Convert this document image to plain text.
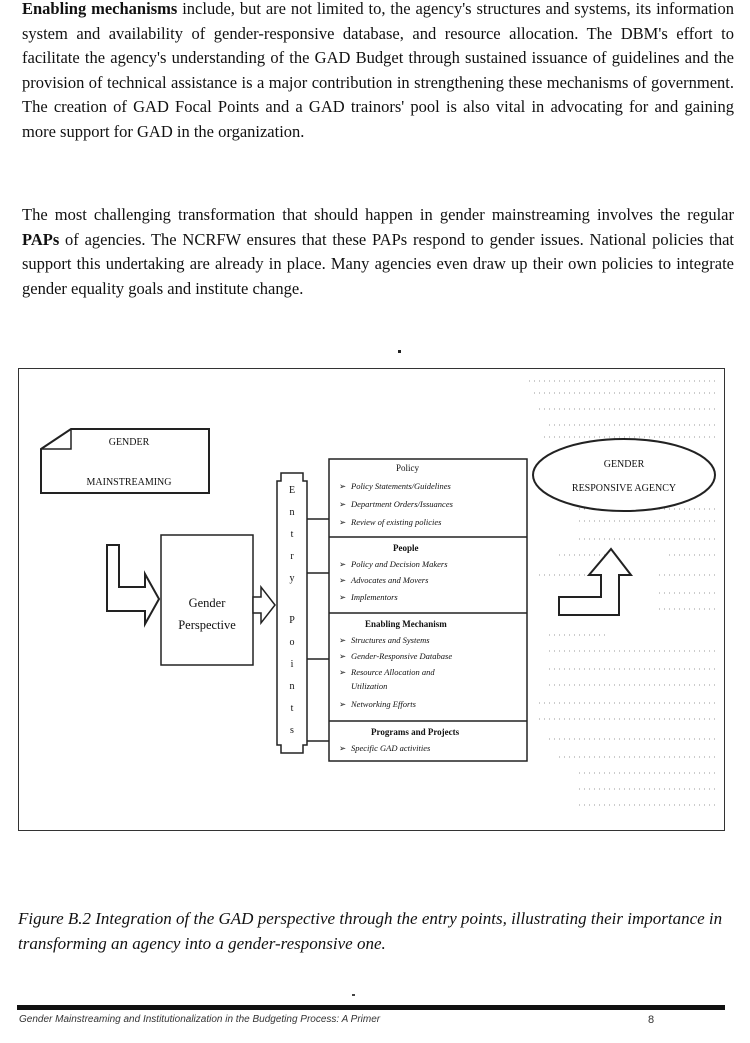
Enabling mechanisms include, but are not limited to, the agency's structures and systems, its information system and availability of gender-responsive database, and resource allocation. The DBM's effort to facilitate the agency's understanding of the GAD Budget through sustained issuance of guidelines and the provision of technical assistance is a major contribution in strengthening these mechanisms of government. The creation of GAD Focal Points and a GAD trainors' pool is also vital in advocating for and gaining more support for GAD in the organization.

The most challenging transformation that should happen in gender mainstreaming involves the regular PAPs of agencies. The NCRFW ensures that these PAPs respond to gender issues. National policies that support this undertaking are already in place. Many agencies even draw up their own policies to integrate gender equality goals and institute change.

GENDER
MAINSTREAMING
Gender
Perspective
E
n
t
r
y
P
o
i
n
t
s
Policy
➢ Policy Statements/Guidelines
➢ Department Orders/Issuances
➢ Review of existing policies
People
➢ Policy and Decision Makers
➢ Advocates and Movers
➢ Implementors
Enabling Mechanism
➢ Structures and Systems
➢ Gender-Responsive Database
➢ Resource Allocation and
Utilization
➢ Networking Efforts
Programs and Projects
➢ Specific GAD activities
GENDER
RESPONSIVE AGENCY

Figure B.2 Integration of the GAD perspective through the entry points, illustrating their importance in transforming an agency into a gender-responsive one.

Gender Mainstreaming and Institutionalization in the Budgeting Process: A Primer	8
